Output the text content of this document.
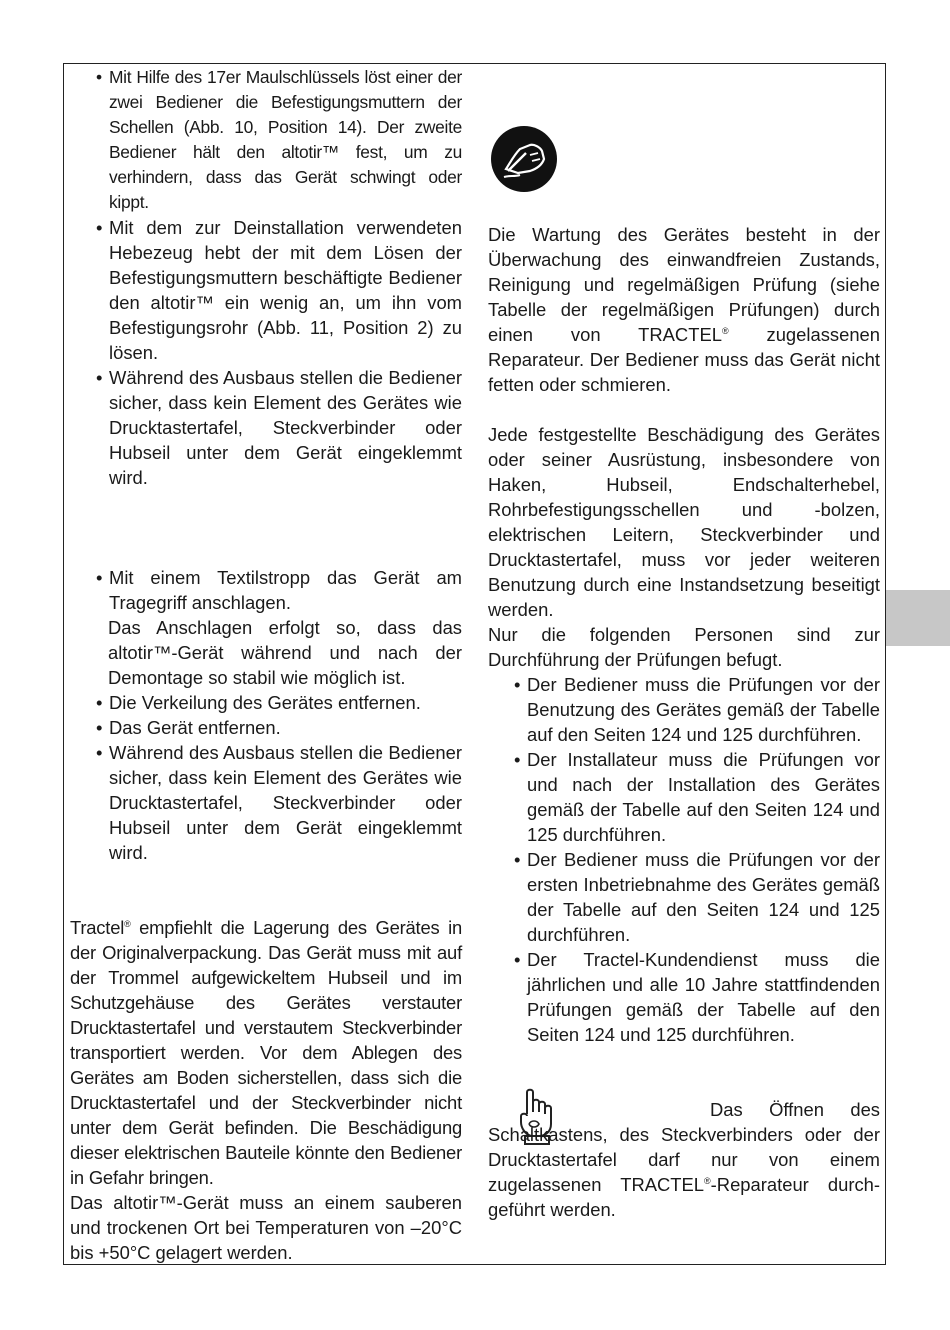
• Mit Hilfe des 17er Maulschlüssels löst einer der zwei Bediener die Befestigungsmuttern der Schellen (Abb. 10, Position 14). Der zweite Bediener hält den altotir™ fest, um zu verhindern, dass das Gerät schwingt oder kippt.
• Mit dem zur Deinstallation verwendeten Hebezeug hebt der mit dem Lösen der Befestigungsmuttern beschäftigte Bediener den altotir™ ein wenig an, um ihn vom Befestigungsrohr (Abb. 11, Position 2) zu lösen.
• Während des Ausbaus stellen die Bediener sicher, dass kein Element des Gerätes wie Drucktastertafel, Steckverbinder oder Hubseil unter dem Gerät eingeklemmt wird.
• Mit einem Textilstropp das Gerät am Tragegriff anschlagen.
Das Anschlagen erfolgt so, dass das altotir™-Gerät während und nach der Demontage so stabil wie möglich ist.
• Die Verkeilung des Gerätes entfernen.
• Das Gerät entfernen.
• Während des Ausbaus stellen die Bediener sicher, dass kein Element des Gerätes wie Drucktastertafel, Steckverbinder oder Hubseil unter dem Gerät eingeklemmt wird.
Tractel® empfiehlt die Lagerung des Gerätes in der Originalverpackung. Das Gerät muss mit auf der Trommel aufgewickeltem Hubseil und im Schutzgehäuse des Gerätes verstauter Drucktastertafel und verstautem Steckverbinder transportiert werden. Vor dem Ablegen des Gerätes am Boden sicherstellen, dass sich die Drucktastertafel und der Steckverbinder nicht unter dem Gerät befinden. Die Beschädigung dieser elektrischen Bauteile könnte den Bediener in Gefahr bringen.
Das altotir™-Gerät muss an einem sauberen und trockenen Ort bei Temperaturen von –20°C bis +50°C gelagert werden.
Die Wartung des Gerätes besteht in der Überwachung des einwandfreien Zustands, Reinigung und regelmäßigen Prüfung (siehe Tabelle der regelmäßigen Prüfungen) durch einen von TRACTEL® zugelassenen Reparateur. Der Bediener muss das Gerät nicht fetten oder schmieren.
Jede festgestellte Beschädigung des Gerätes oder seiner Ausrüstung, insbesondere von Haken, Hubseil, Endschalterhebel, Rohrbefestigungsschellen und -bolzen, elektrischen Leitern, Steckverbinder und Drucktastertafel, muss vor jeder weiteren Benutzung durch eine Instandsetzung beseitigt werden.
Nur die folgenden Personen sind zur Durchführung der Prüfungen befugt.
• Der Bediener muss die Prüfungen vor der Benutzung des Gerätes gemäß der Tabelle auf den Seiten 124 und 125 durchführen.
• Der Installateur muss die Prüfungen vor und nach der Installation des Gerätes gemäß der Tabelle auf den Seiten 124 und 125 durchführen.
• Der Bediener muss die Prüfungen vor der ersten Inbetriebnahme des Gerätes gemäß der Tabelle auf den Seiten 124 und 125 durchführen.
• Der Tractel-Kundendienst muss die jährlichen und alle 10 Jahre stattfindenden Prüfungen gemäß der Tabelle auf den Seiten 124 und 125 durchführen.
Das Öffnen des Schaltkastens, des Steckverbinders oder der Drucktastertafel darf nur von einem zugelassenen TRACTEL®-Reparateur durchgeführt werden.
